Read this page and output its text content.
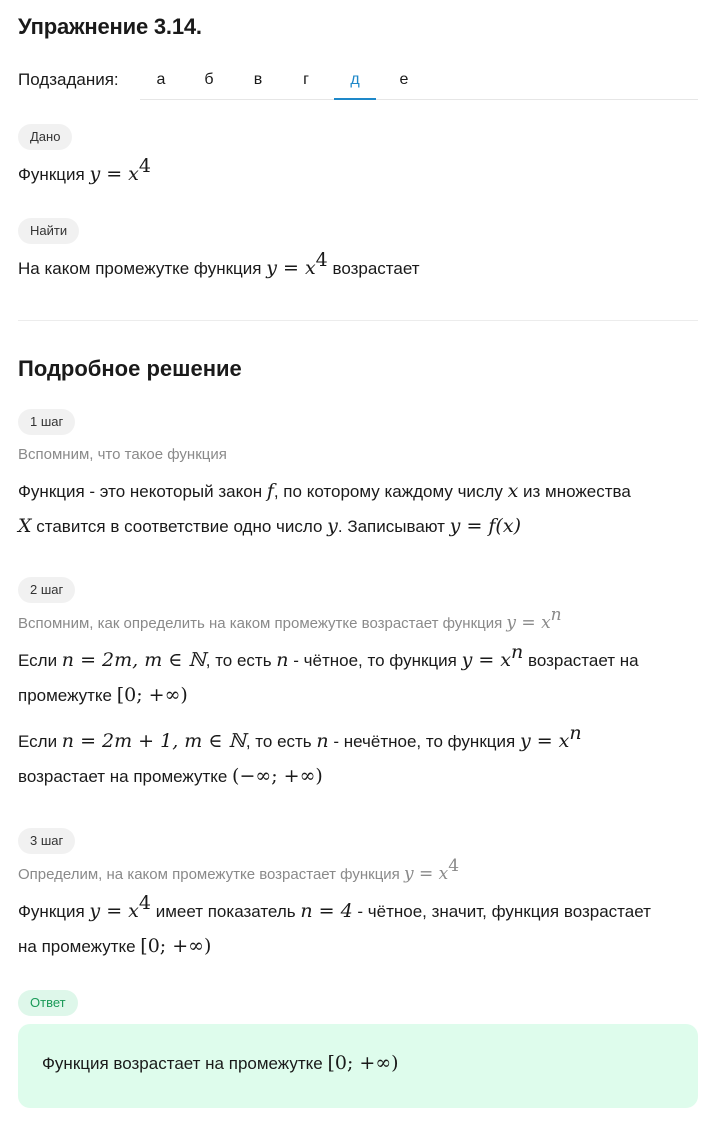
Упражнение 3.14.
Подзадания:	а	б	в	г	д	е
Дано
Функция $y = x^4$
Найти
На каком промежутке функция $y = x^4$ возрастает
Подробное решение
1 шаг
Вспомним, что такое функция
Функция - это некоторый закон f, по которому каждому числу x из множества
X ставится в соответствие одно число y. Записывают y = f(x)
2 шаг
Вспомним, как определить на каком промежутке возрастает функция $y = x^n$
Если n = 2m, m ∈ ℕ, то есть n - чётное, то функция $y = x^n$ возрастает на
промежутке [0; +∞)
Если n = 2m + 1, m ∈ ℕ, то есть n - нечётное, то функция $y = x^n$
возрастает на промежутке (−∞; +∞)
3 шаг
Определим, на каком промежутке возрастает функция $y = x^4$
Функция $y = x^4$ имеет показатель n = 4 - чётное, значит, функция возрастает
на промежутке [0; +∞)
Ответ
Функция возрастает на промежутке [0; +∞)
